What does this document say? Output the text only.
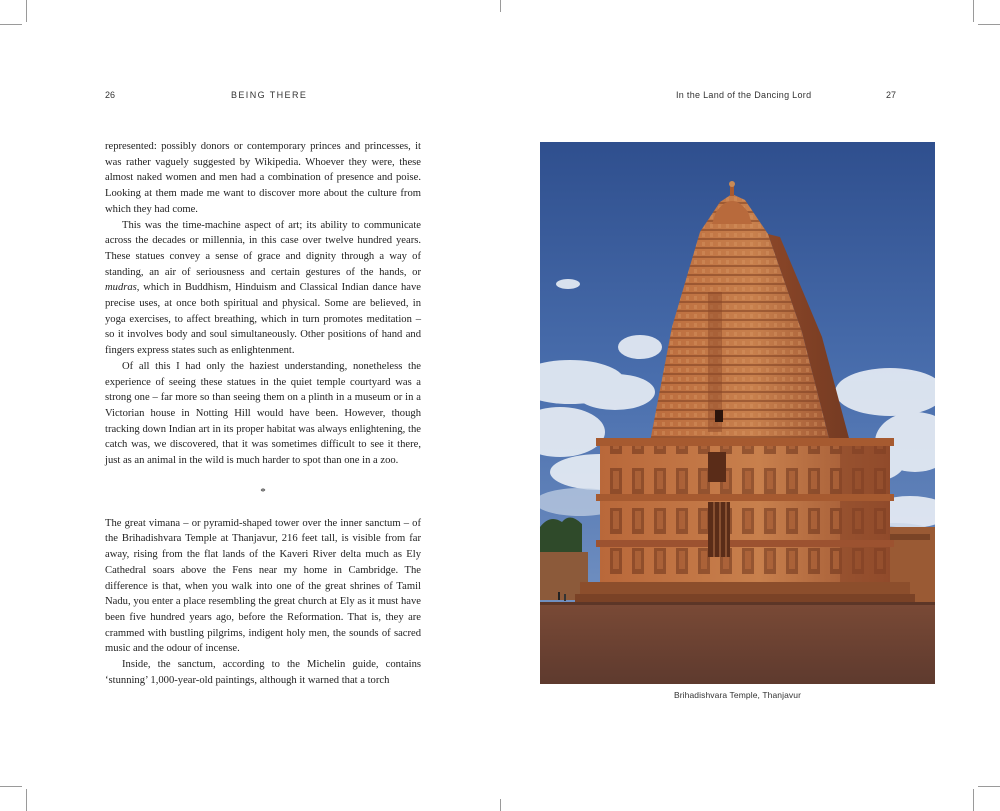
26	BEING THERE	In the Land of the Dancing Lord	27

represented: possibly donors or contemporary princes and princesses, it was rather vaguely suggested by Wikipedia. Whoever they were, these almost naked women and men had a combination of presence and poise. Looking at them made me want to discover more about the culture from which they had come.

This was the time-machine aspect of art; its ability to communicate across the decades or millennia, in this case over twelve hundred years. These statues convey a sense of grace and dignity through a way of standing, an air of seriousness and certain gestures of the hands, or mudras, which in Buddhism, Hinduism and Classical Indian dance have precise uses, at once both spiritual and physical. Some are believed, in yoga exercises, to affect breathing, which in turn promotes meditation – so it involves body and soul simultaneously. Other positions of hand and fingers express states such as enlightenment.

Of all this I had only the haziest understanding, nonetheless the experience of seeing these statues in the quiet temple courtyard was a strong one – far more so than seeing them on a plinth in a museum or in a Victorian house in Notting Hill would have been. However, though tracking down Indian art in its proper habitat was always enlightening, the catch was, we discovered, that it was sometimes difficult to see it there, just as an animal in the wild is much harder to spot than one in a zoo.

*

The great vimana – or pyramid-shaped tower over the inner sanctum – of the Brihadishvara Temple at Thanjavur, 216 feet tall, is visible from far away, rising from the flat lands of the Kaveri River delta much as Ely Cathedral soars above the Fens near my home in Cambridge. The difference is that, when you walk into one of the great shrines of Tamil Nadu, you enter a place resembling the great church at Ely as it must have been five hundred years ago, before the Reformation. That is, they are crammed with bustling pilgrims, indigent holy men, the sounds of sacred music and the odour of incense.

Inside, the sanctum, according to the Michelin guide, contains ‘stunning’ 1,000-year-old paintings, although it warned that a torch

Brihadishvara Temple, Thanjavur
